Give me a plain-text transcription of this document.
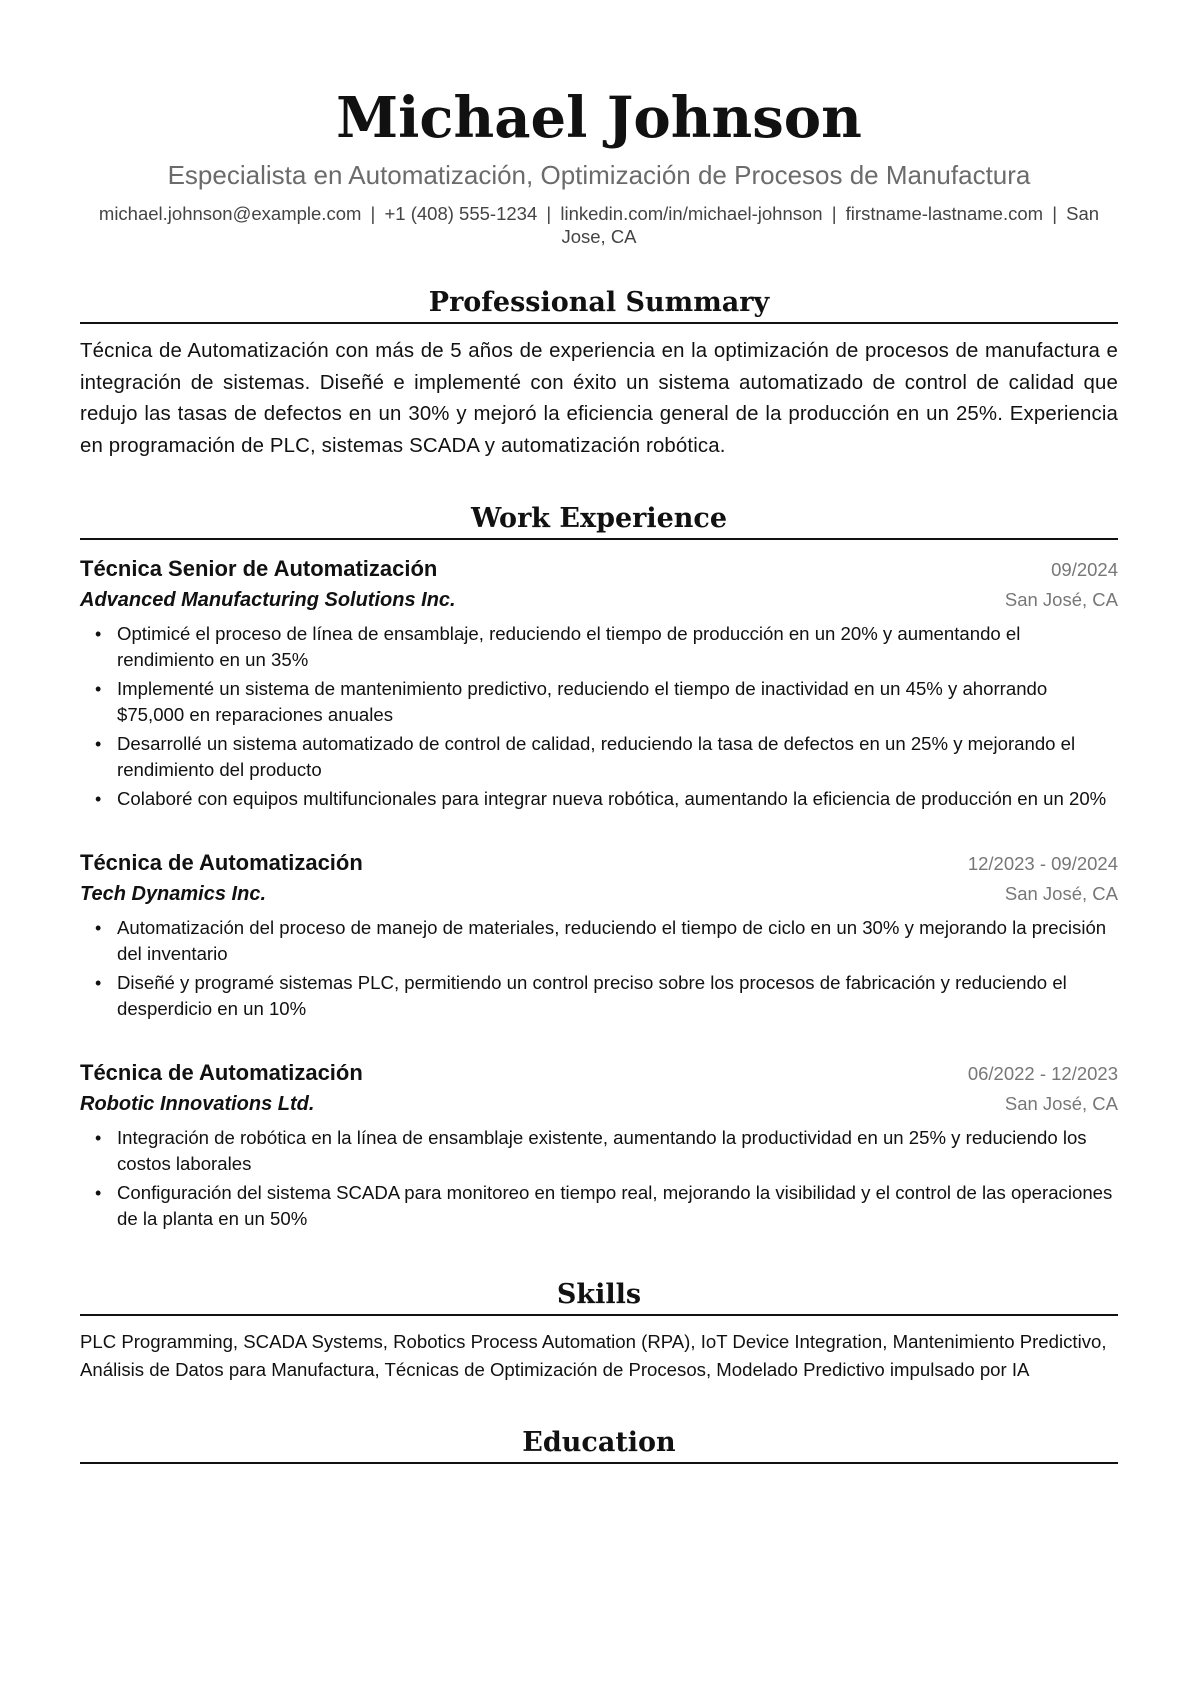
Michael Johnson
Especialista en Automatización, Optimización de Procesos de Manufactura
michael.johnson@example.com | +1 (408) 555-1234 | linkedin.com/in/michael-johnson | firstname-lastname.com | San Jose, CA
Professional Summary

Técnica de Automatización con más de 5 años de experiencia en la optimización de procesos de manufactura e integración de sistemas. Diseñé e implementé con éxito un sistema automatizado de control de calidad que redujo las tasas de defectos en un 30% y mejoró la eficiencia general de la producción en un 25%. Experiencia en programación de PLC, sistemas SCADA y automatización robótica.

Work Experience
Técnica Senior de Automatización	09/2024
Advanced Manufacturing Solutions Inc.	San José, CA
• Optimicé el proceso de línea de ensamblaje, reduciendo el tiempo de producción en un 20% y aumentando el rendimiento en un 35%
• Implementé un sistema de mantenimiento predictivo, reduciendo el tiempo de inactividad en un 45% y ahorrando $75,000 en reparaciones anuales
• Desarrollé un sistema automatizado de control de calidad, reduciendo la tasa de defectos en un 25% y mejorando el rendimiento del producto
• Colaboré con equipos multifuncionales para integrar nueva robótica, aumentando la eficiencia de producción en un 20%
Técnica de Automatización	12/2023 - 09/2024
Tech Dynamics Inc.	San José, CA
• Automatización del proceso de manejo de materiales, reduciendo el tiempo de ciclo en un 30% y mejorando la precisión del inventario
• Diseñé y programé sistemas PLC, permitiendo un control preciso sobre los procesos de fabricación y reduciendo el desperdicio en un 10%
Técnica de Automatización	06/2022 - 12/2023
Robotic Innovations Ltd.	San José, CA
• Integración de robótica en la línea de ensamblaje existente, aumentando la productividad en un 25% y reduciendo los costos laborales
• Configuración del sistema SCADA para monitoreo en tiempo real, mejorando la visibilidad y el control de las operaciones de la planta en un 50%
Skills

PLC Programming, SCADA Systems, Robotics Process Automation (RPA), IoT Device Integration, Mantenimiento Predictivo, Análisis de Datos para Manufactura, Técnicas de Optimización de Procesos, Modelado Predictivo impulsado por IA

Education
